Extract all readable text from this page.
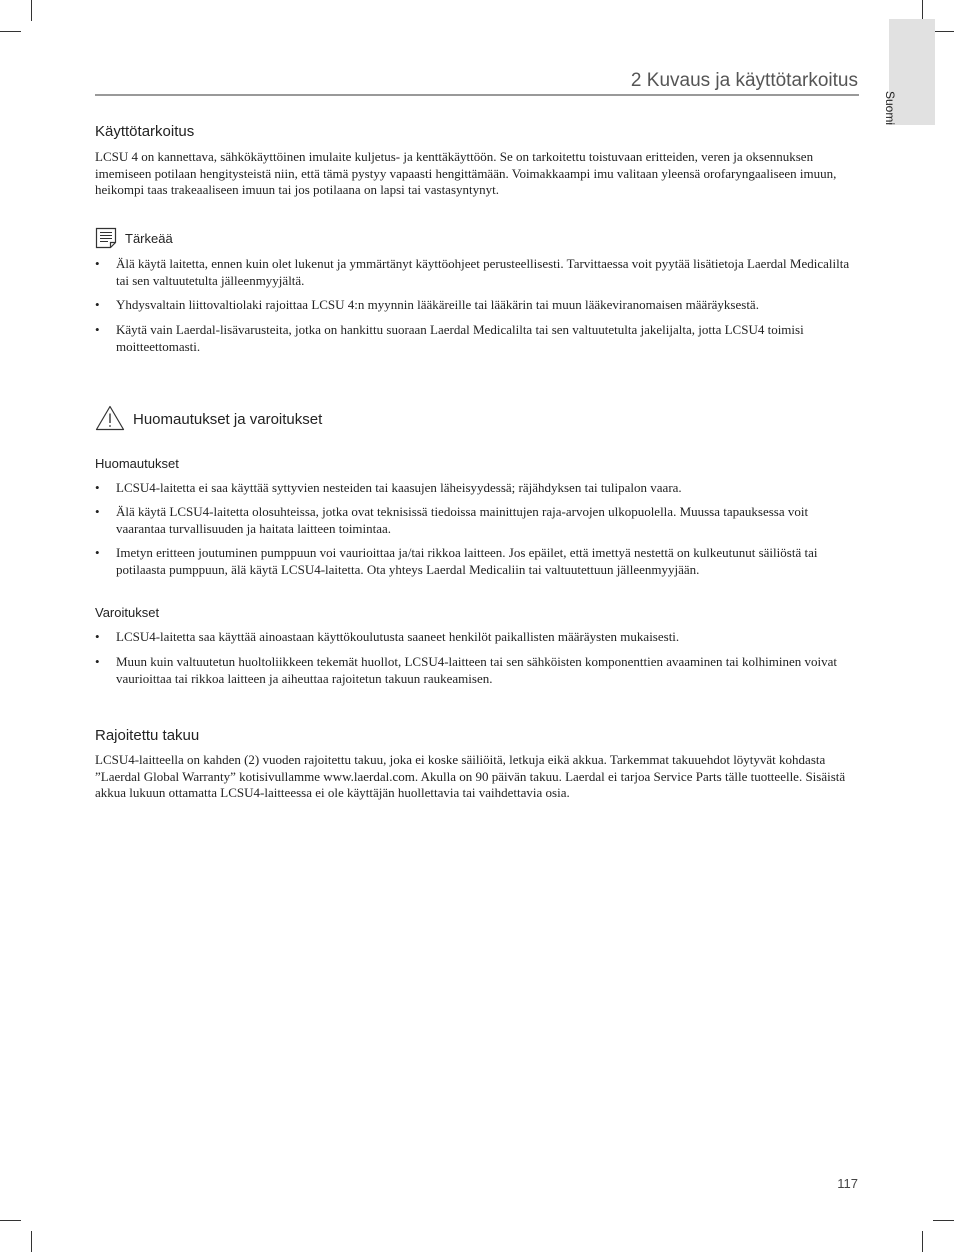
Suomi
2 Kuvaus ja käyttötarkoitus
Käyttötarkoitus

LCSU 4 on kannettava, sähkökäyttöinen imulaite kuljetus- ja kenttäkäyttöön. Se on tarkoitettu toistuvaan eritteiden, veren ja oksennuksen imemiseen potilaan hengitysteistä niin, että tämä pystyy vapaasti hengittämään. Voimakkaampi imu valitaan yleensä orofaryngaaliseen imuun, heikompi taas trakeaaliseen imuun tai jos potilaana on lapsi tai vastasyntynyt.

Tärkeää
• Älä käytä laitetta, ennen kuin olet lukenut ja ymmärtänyt käyttöohjeet perusteellisesti. Tarvittaessa voit pyytää lisätietoja Laerdal Medicalilta tai sen valtuutetulta jälleenmyyjältä.
• Yhdysvaltain liittovaltiolaki rajoittaa LCSU 4:n myynnin lääkäreille tai lääkärin tai muun lääkeviranomaisen määräyksestä.
• Käytä vain Laerdal-lisävarusteita, jotka on hankittu suoraan Laerdal Medicalilta tai sen valtuutetulta jakelijalta, jotta LCSU4 toimisi moitteettomasti.
Huomautukset ja varoitukset
Huomautukset
• LCSU4-laitetta ei saa käyttää syttyvien nesteiden tai kaasujen läheisyydessä; räjähdyksen tai tulipalon vaara.
• Älä käytä LCSU4-laitetta olosuhteissa, jotka ovat teknisissä tiedoissa mainittujen raja-arvojen ulkopuolella. Muussa tapauksessa voit vaarantaa turvallisuuden ja haitata laitteen toimintaa.
• Imetyn eritteen joutuminen pumppuun voi vaurioittaa ja/tai rikkoa laitteen. Jos epäilet, että imettyä nestettä on kulkeutunut säiliöstä tai potilaasta pumppuun, älä käytä LCSU4-laitetta. Ota yhteys Laerdal Medicaliin tai valtuutettuun jälleenmyyjään.
Varoitukset
• LCSU4-laitetta saa käyttää ainoastaan käyttökoulutusta saaneet henkilöt paikallisten määräysten mukaisesti.
• Muun kuin valtuutetun huoltoliikkeen tekemät huollot, LCSU4-laitteen tai sen sähköisten komponenttien avaaminen tai kolhiminen voivat vaurioittaa tai rikkoa laitteen ja aiheuttaa rajoitetun takuun raukeamisen.
Rajoitettu takuu

LCSU4-laitteella on kahden (2) vuoden rajoitettu takuu, joka ei koske säiliöitä, letkuja eikä akkua. Tarkemmat takuuehdot löytyvät kohdasta ”Laerdal Global Warranty” kotisivullamme www.laerdal.com. Akulla on 90 päivän takuu. Laerdal ei tarjoa Service Parts tälle tuotteelle. Sisäistä akkua lukuun ottamatta LCSU4-laitteessa ei ole käyttäjän huollettavia tai vaihdettavia osia.

117
